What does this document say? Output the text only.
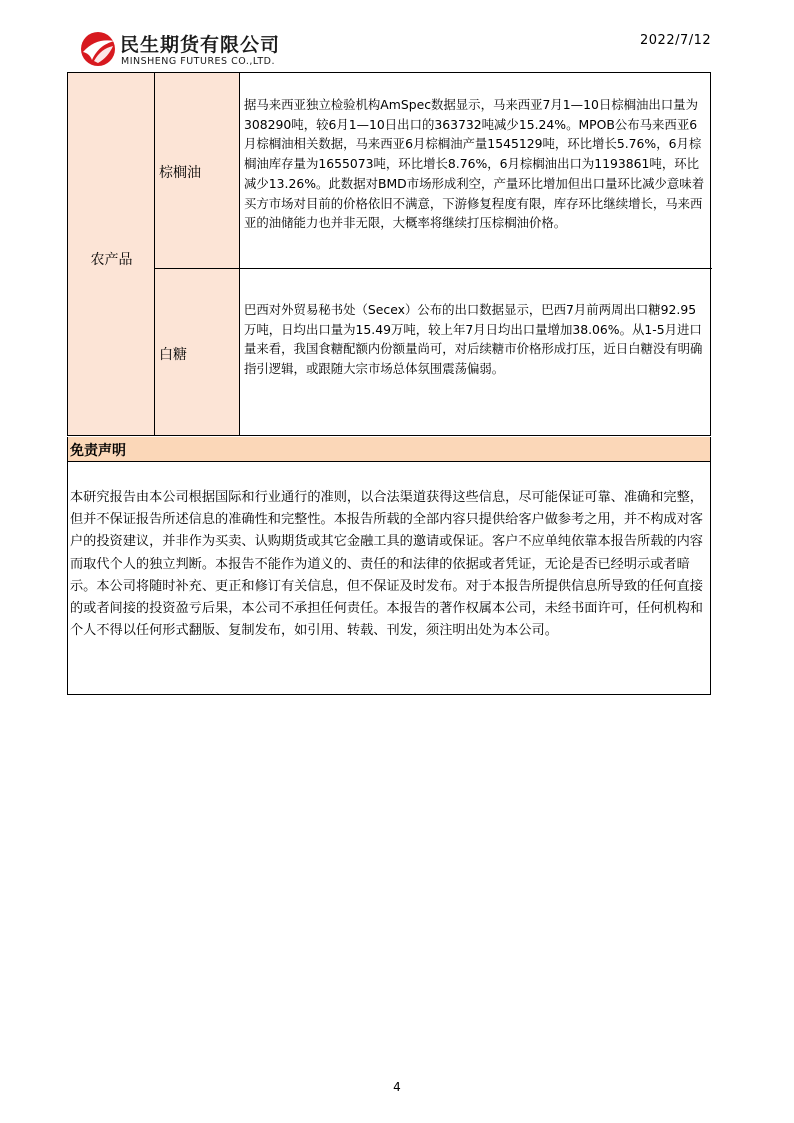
民生期货有限公司
MINSHENG FUTURES CO.,LTD.
2022/7/12
农产品
棕榈油

据马来西亚独立检验机构AmSpec数据显示，马来西亚7月1—10日棕榈油出口量为308290吨，较6月1—10日出口的363732吨减少15.24%。MPOB公布马来西亚6月棕榈油相关数据，马来西亚6月棕榈油产量1545129吨，环比增长5.76%，6月棕榈油库存量为1655073吨，环比增长8.76%，6月棕榈油出口为1193861吨，环比减少13.26%。此数据对BMD市场形成利空，产量环比增加但出口量环比减少意味着买方市场对目前的价格依旧不满意，下游修复程度有限，库存环比继续增长，马来西亚的油储能力也并非无限，大概率将继续打压棕榈油价格。

白糖

巴西对外贸易秘书处（Secex）公布的出口数据显示，巴西7月前两周出口糖92.95万吨，日均出口量为15.49万吨，较上年7月日均出口量增加38.06%。从1-5月进口量来看，我国食糖配额内份额量尚可，对后续糖市价格形成打压，近日白糖没有明确指引逻辑，或跟随大宗市场总体氛围震荡偏弱。

免责声明

本研究报告由本公司根据国际和行业通行的准则，以合法渠道获得这些信息，尽可能保证可靠、准确和完整，但并不保证报告所述信息的准确性和完整性。本报告所载的全部内容只提供给客户做参考之用，并不构成对客户的投资建议，并非作为买卖、认购期货或其它金融工具的邀请或保证。客户不应单纯依靠本报告所载的内容而取代个人的独立判断。本报告不能作为道义的、责任的和法律的依据或者凭证，无论是否已经明示或者暗示。本公司将随时补充、更正和修订有关信息，但不保证及时发布。对于本报告所提供信息所导致的任何直接的或者间接的投资盈亏后果，本公司不承担任何责任。本报告的著作权属本公司，未经书面许可，任何机构和个人不得以任何形式翻版、复制发布，如引用、转载、刊发，须注明出处为本公司。

4
